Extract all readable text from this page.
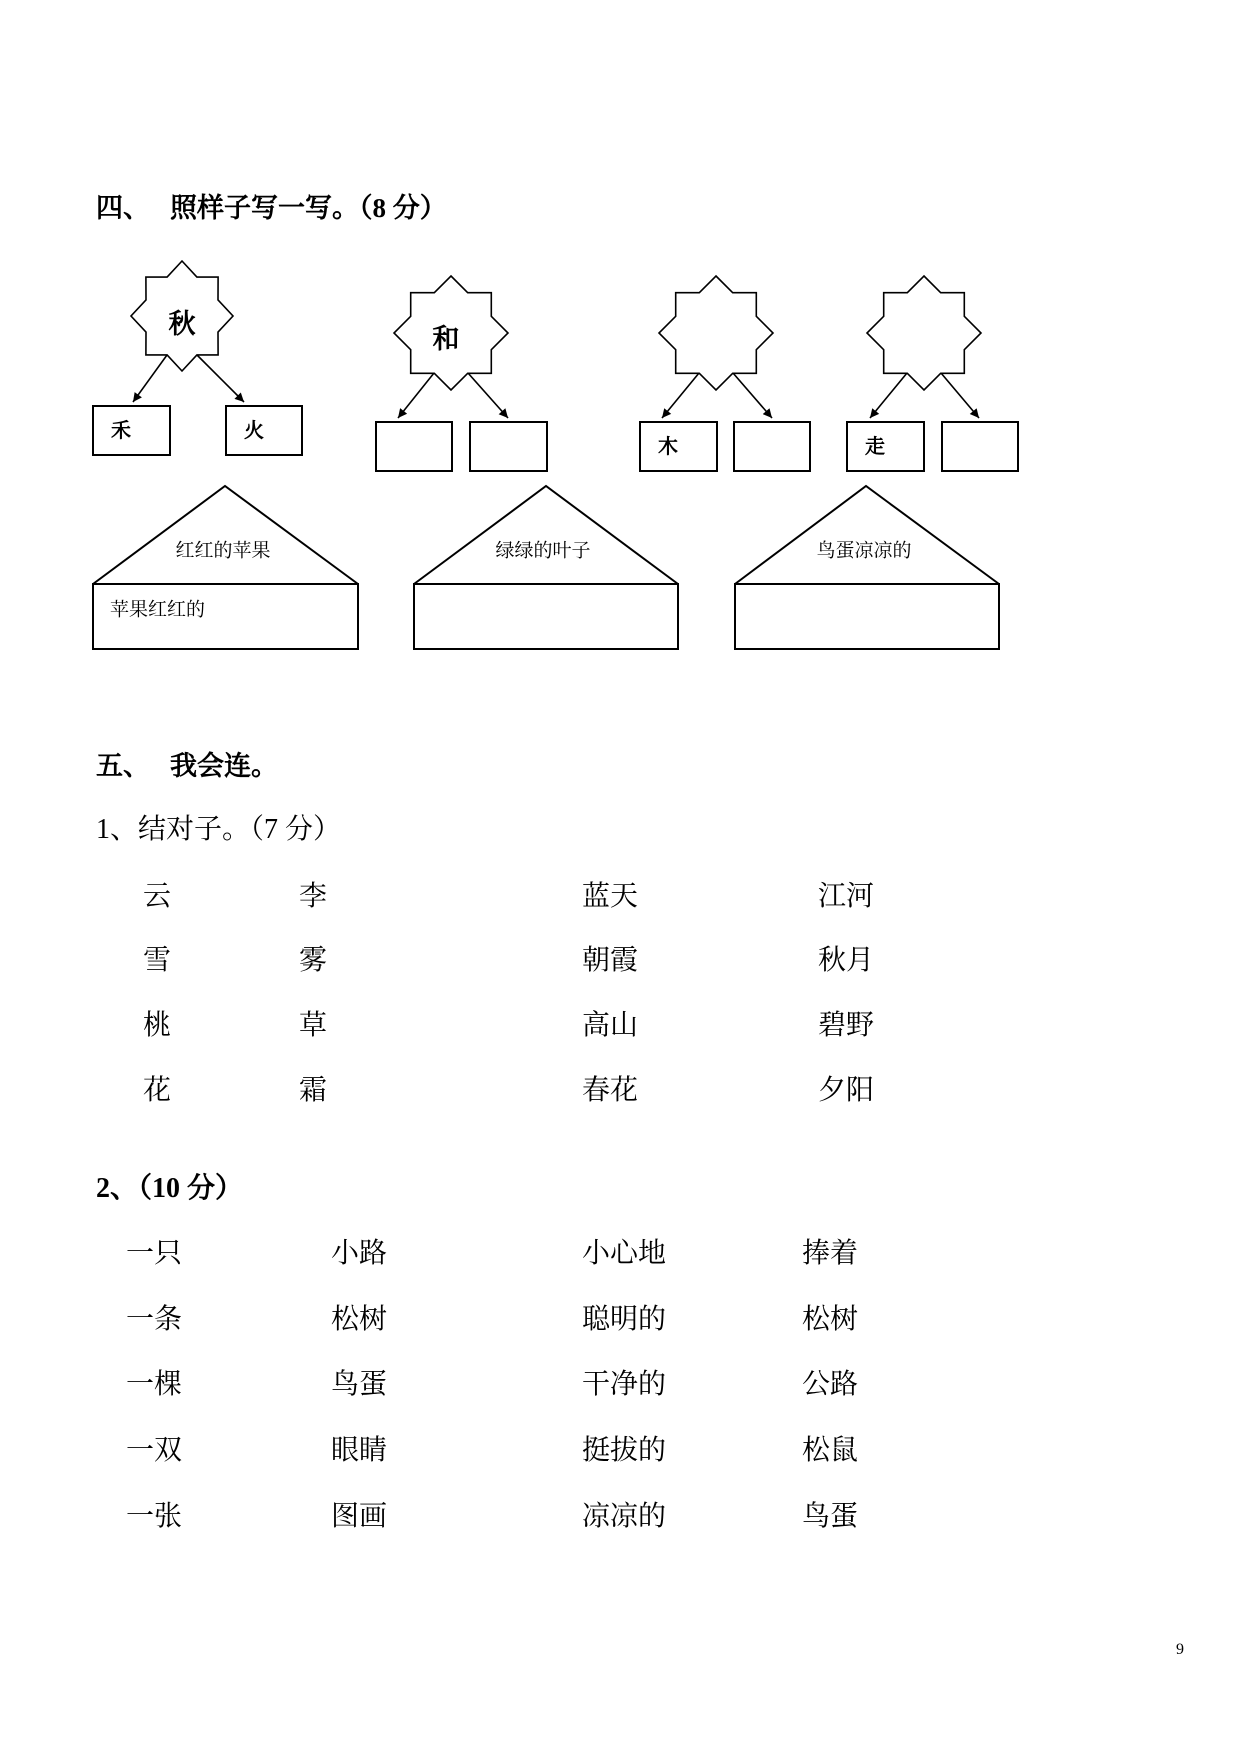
四、 照样子写一写。（8 分）
秋
禾	火
和
木	走
红红的苹果
苹果红红的
绿绿的叶子	鸟蛋凉凉的
五、 我会连。
1、结对子。（7 分）
云	李	蓝天	江河
雪	雾	朝霞	秋月
桃	草	高山	碧野
花	霜	春花	夕阳
2、（10 分）
一只	小路	小心地	捧着
一条	松树	聪明的	松树
一棵	鸟蛋	干净的	公路
一双	眼睛	挺拔的	松鼠
一张	图画	凉凉的	鸟蛋
9
